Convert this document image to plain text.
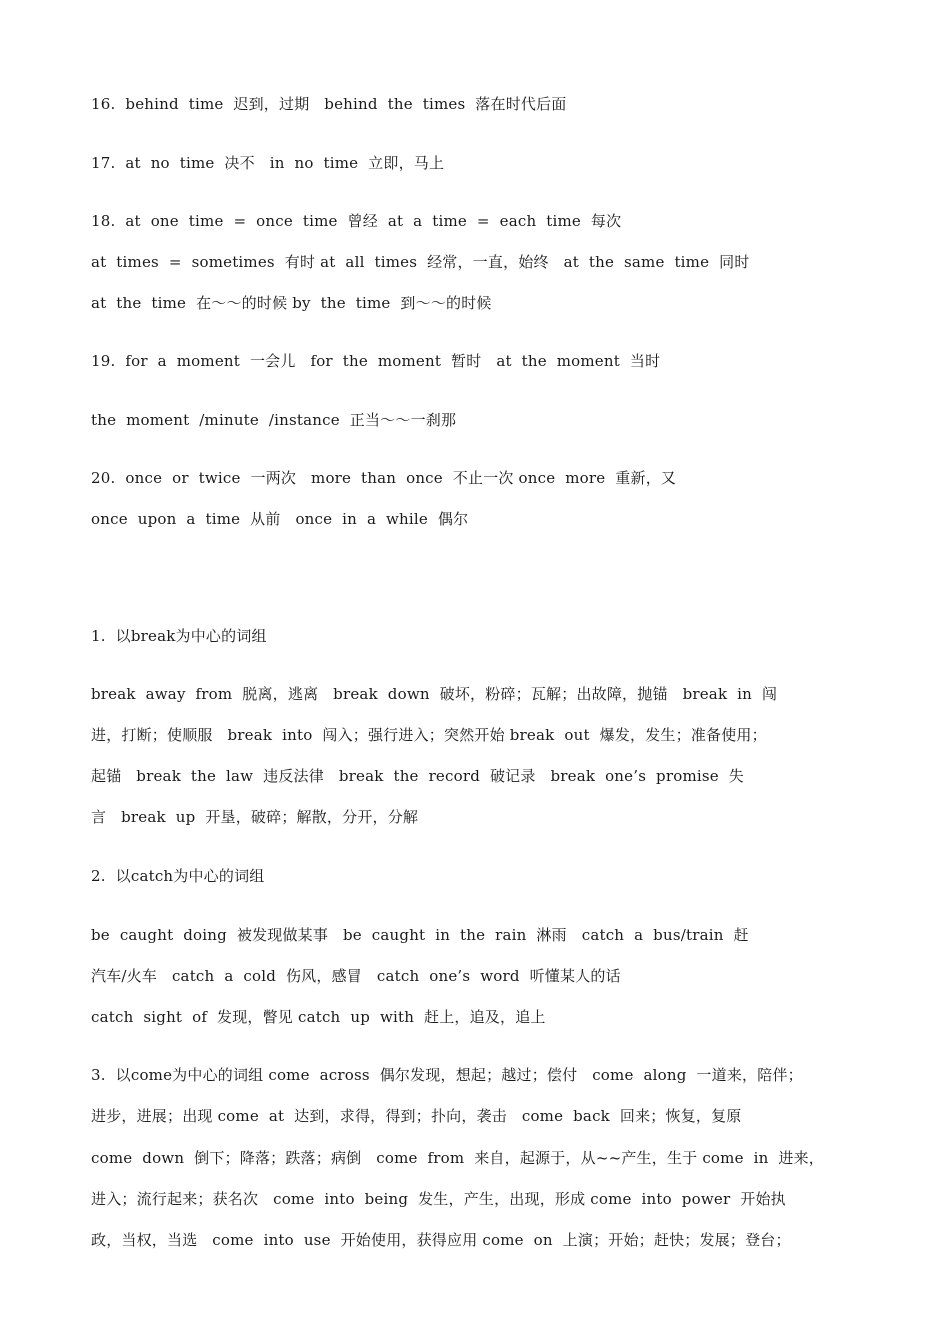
16.  behind  time  迟到，过期   behind  the  times  落在时代后面
17.  at  no  time  决不   in  no  time  立即，马上
18.  at  one  time  =  once  time  曾经  at  a  time  =  each  time  每次
at  times  =  sometimes  有时 at  all  times  经常，一直，始终   at  the  same  time  同时
at  the  time  在～～的时候 by  the  time  到～～的时候
19.  for  a  moment  一会儿   for  the  moment  暂时   at  the  moment  当时
the  moment  /minute  /instance  正当～～一刹那
20.  once  or  twice  一两次   more  than  once  不止一次 once  more  重新，又
once  upon  a  time  从前   once  in  a  while  偶尔
1.  以break为中心的词组
break  away  from  脱离，逃离   break  down  破坏，粉碎；瓦解；出故障，抛锚   break  in  闯
进，打断；使顺服   break  into  闯入；强行进入；突然开始 break  out  爆发，发生；准备使用；
起锚   break  the  law  违反法律   break  the  record  破记录   break  one’s  promise  失
言   break  up  开垦，破碎；解散，分开，分解
2.  以catch为中心的词组
be  caught  doing  被发现做某事   be  caught  in  the  rain  淋雨   catch  a  bus/train  赶
汽车/火车   catch  a  cold  伤风，感冒   catch  one’s  word  听懂某人的话
catch  sight  of  发现，瞥见 catch  up  with  赶上，追及，追上
3.  以come为中心的词组 come  across  偶尔发现，想起；越过；偿付   come  along  一道来，陪伴；
进步，进展；出现 come  at  达到，求得，得到；扑向，袭击   come  back  回来；恢复，复原
come  down  倒下；降落；跌落；病倒   come  from  来自，起源于，从~~产生，生于 come  in  进来，
进入；流行起来；获名次   come  into  being  发生，产生，出现，形成 come  into  power  开始执
政，当权，当选   come  into  use  开始使用，获得应用 come  on  上演；开始；赶快；发展；登台；
